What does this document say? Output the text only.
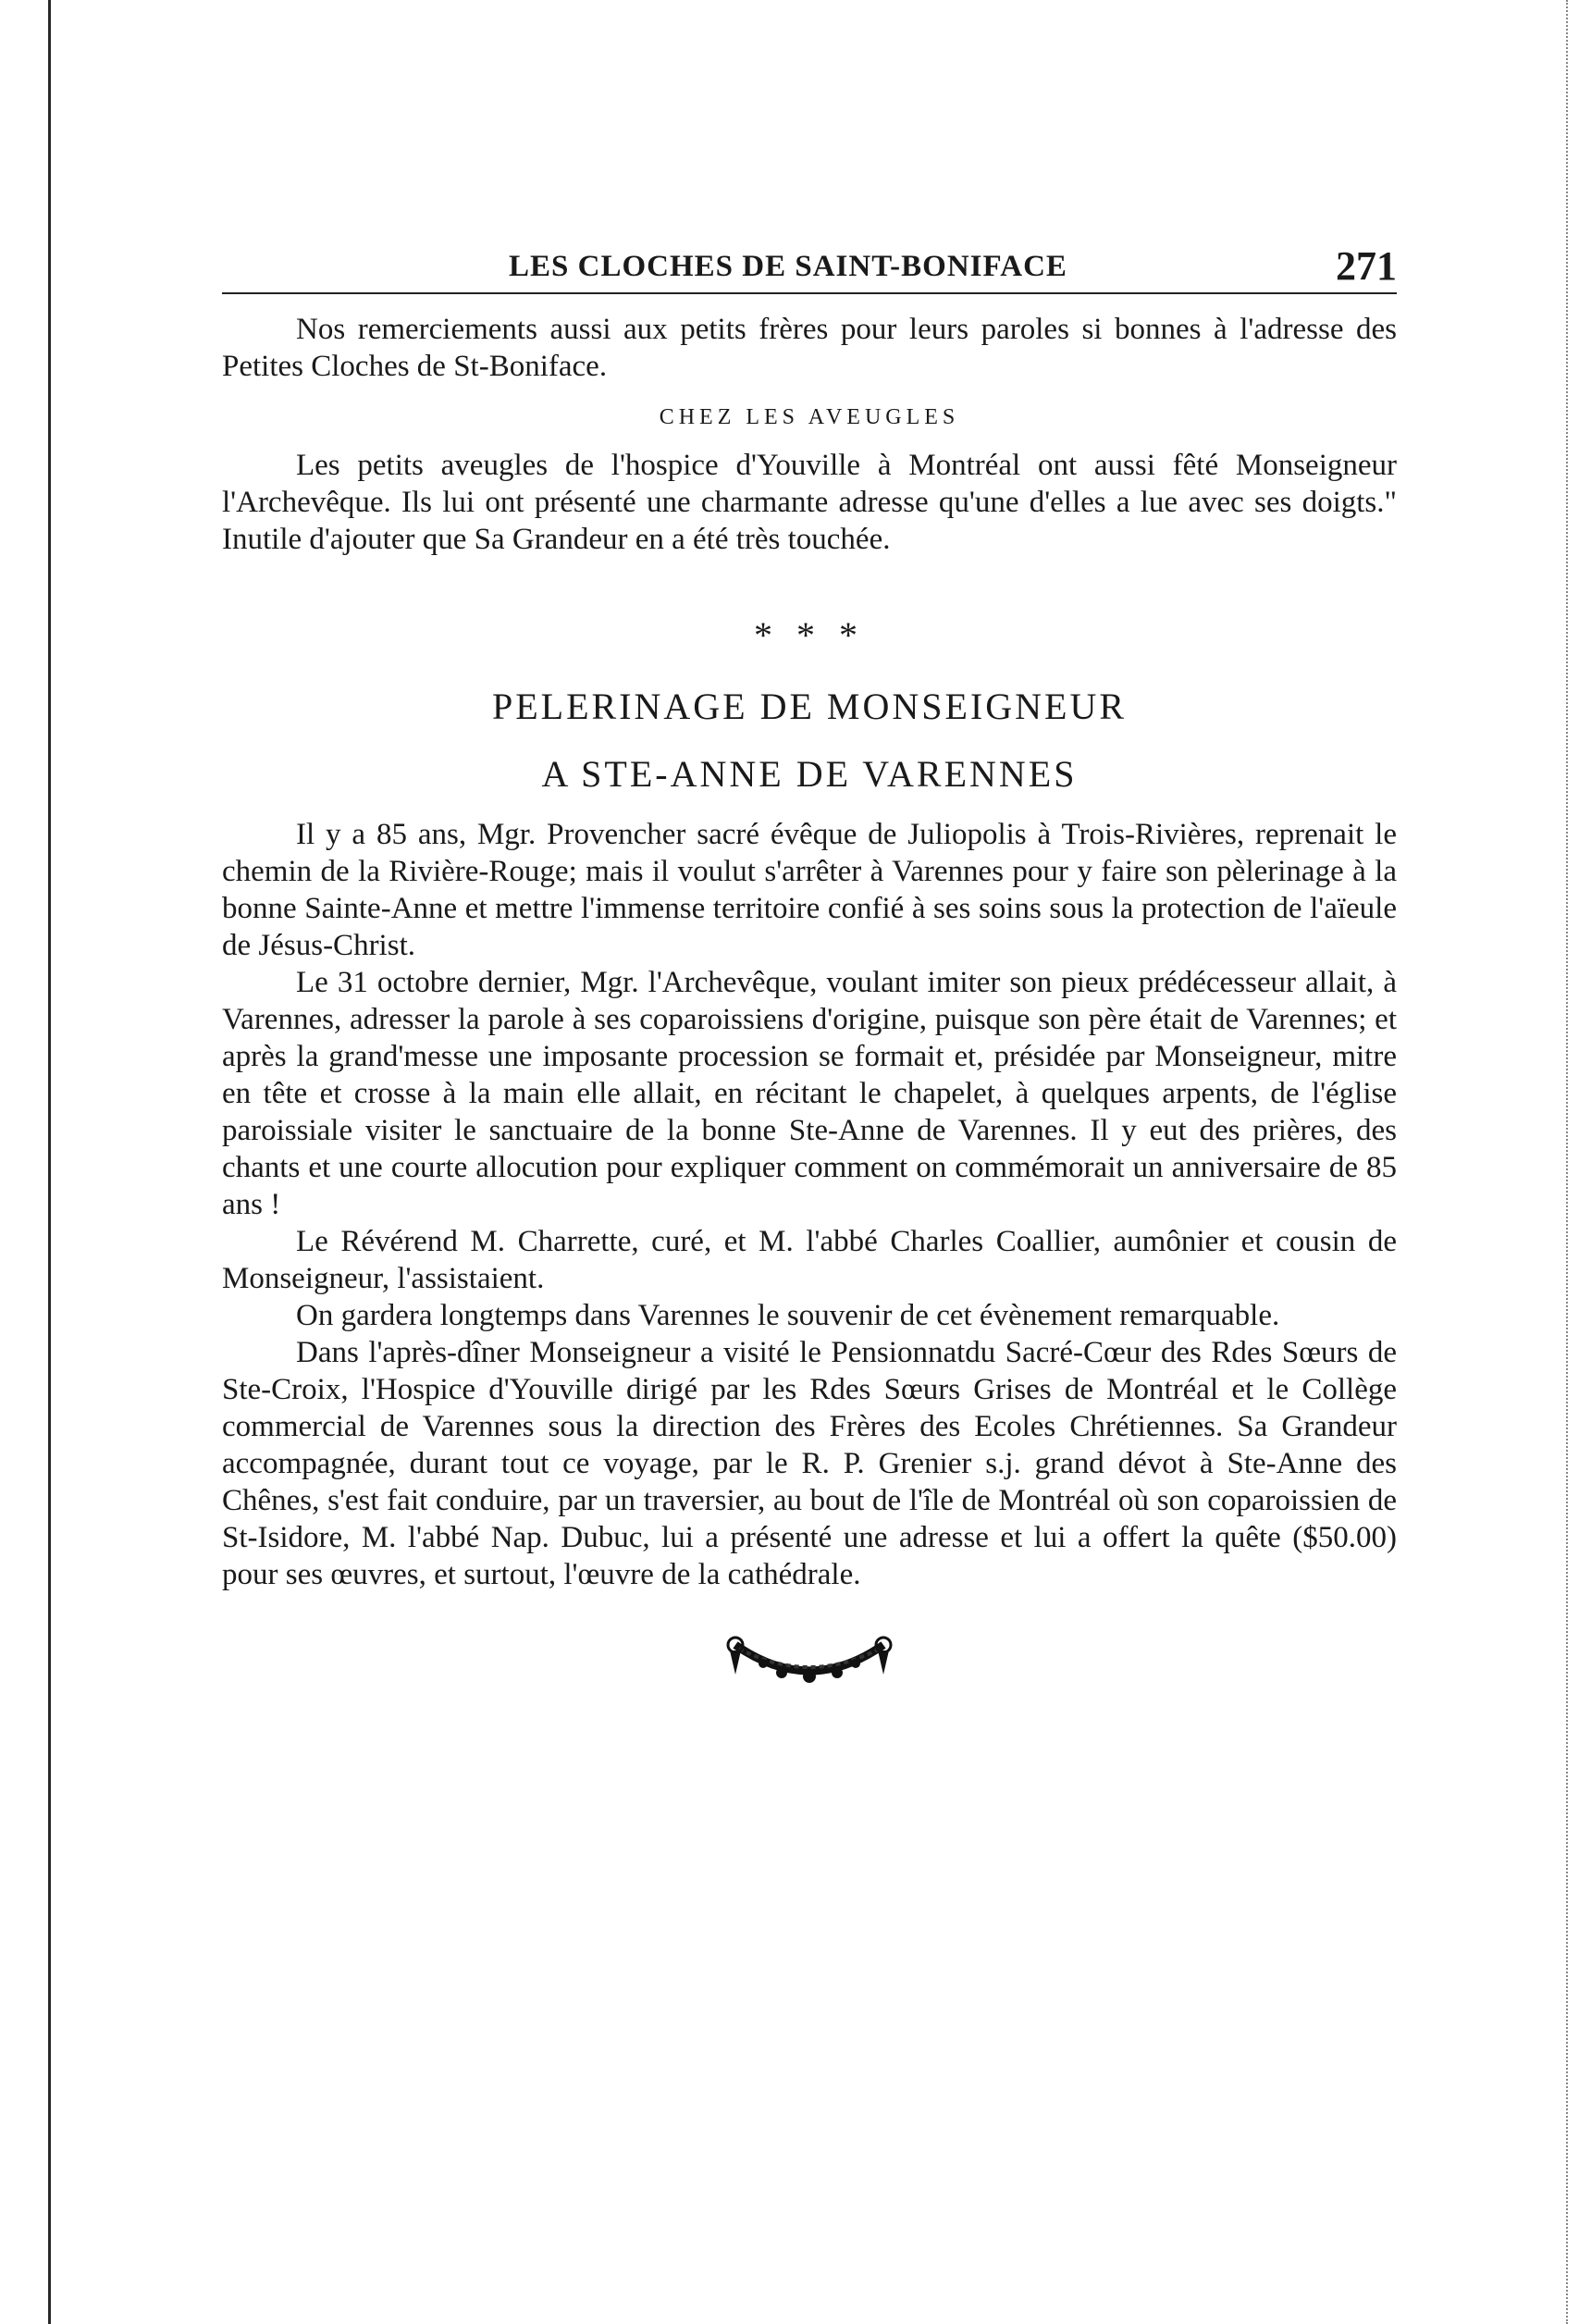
LES CLOCHES DE SAINT-BONIFACE	271

Nos remerciements aussi aux petits frères pour leurs paroles si bonnes à l'adresse des Petites Cloches de St-Boniface.

CHEZ LES AVEUGLES

Les petits aveugles de l'hospice d'Youville à Montréal ont aussi fêté Monseigneur l'Archevêque. Ils lui ont présenté une charmante adresse qu'une d'elles a lue avec ses doigts." Inutile d'ajouter que Sa Grandeur en a été très touchée.

* * *
PELERINAGE DE MONSEIGNEUR
A STE-ANNE DE VARENNES

Il y a 85 ans, Mgr. Provencher sacré évêque de Juliopolis à Trois-Rivières, reprenait le chemin de la Rivière-Rouge; mais il voulut s'arrêter à Varennes pour y faire son pèlerinage à la bonne Sainte-Anne et mettre l'immense territoire confié à ses soins sous la protection de l'aïeule de Jésus-Christ.

Le 31 octobre dernier, Mgr. l'Archevêque, voulant imiter son pieux prédécesseur allait, à Varennes, adresser la parole à ses coparoissiens d'origine, puisque son père était de Varennes; et après la grand'messe une imposante procession se formait et, présidée par Monseigneur, mitre en tête et crosse à la main elle allait, en récitant le chapelet, à quelques arpents, de l'église paroissiale visiter le sanctuaire de la bonne Ste-Anne de Varennes. Il y eut des prières, des chants et une courte allocution pour expliquer comment on commémorait un anniversaire de 85 ans !

Le Révérend M. Charrette, curé, et M. l'abbé Charles Coallier, aumônier et cousin de Monseigneur, l'assistaient.

On gardera longtemps dans Varennes le souvenir de cet évènement remarquable.

Dans l'après-dîner Monseigneur a visité le Pensionnatdu Sacré-Cœur des Rdes Sœurs de Ste-Croix, l'Hospice d'Youville dirigé par les Rdes Sœurs Grises de Montréal et le Collège commercial de Varennes sous la direction des Frères des Ecoles Chrétiennes. Sa Grandeur accompagnée, durant tout ce voyage, par le R. P. Grenier s.j. grand dévot à Ste-Anne des Chênes, s'est fait conduire, par un traversier, au bout de l'île de Montréal où son coparoissien de St-Isidore, M. l'abbé Nap. Dubuc, lui a présenté une adresse et lui a offert la quête ($50.00) pour ses œuvres, et surtout, l'œuvre de la cathédrale.
